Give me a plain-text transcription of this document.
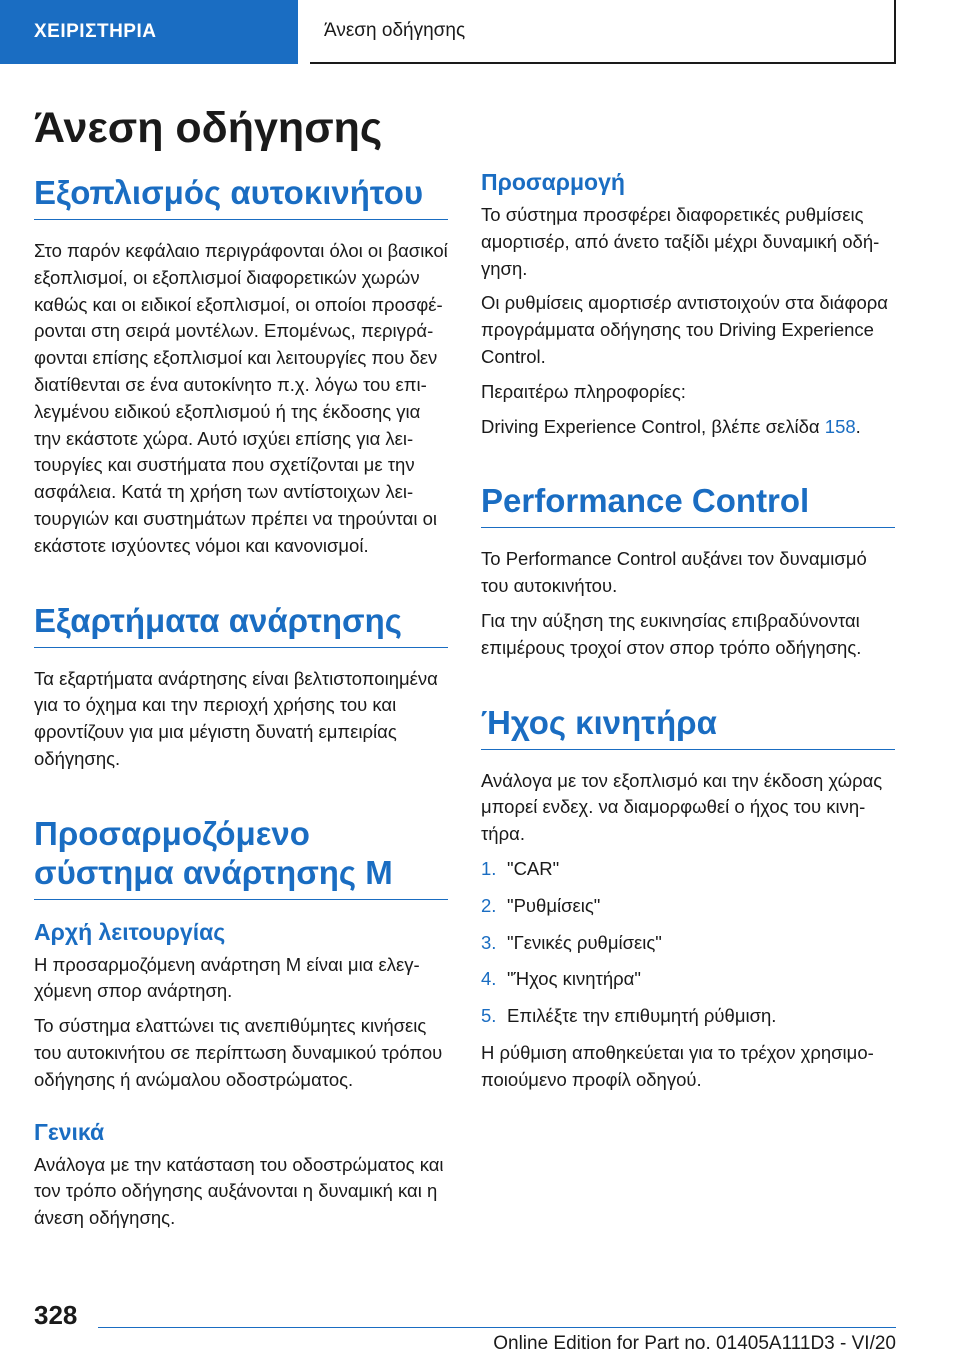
ΧΕΙΡΙΣΤΗΡΙΑ	Άνεση οδήγησης
Άνεση οδήγησης
Εξοπλισμός αυτοκινήτου

Στο παρόν κεφάλαιο περιγράφονται όλοι οι βασικοί εξοπλισμοί, οι εξοπλισμοί διαφορετικών χωρών καθώς και οι ειδικοί εξοπλισμοί, οι οποίοι προσφέρονται στη σειρά μοντέλων. Επομένως, περιγράφονται επίσης εξοπλισμοί και λειτουργίες που δεν διατίθενται σε ένα αυτοκίνητο π.χ. λόγω του επιλεγμένου ειδικού εξοπλισμού ή της έκδοσης για την εκάστοτε χώρα. Αυτό ισχύει επίσης για λειτουργίες και συστήματα που σχετίζονται με την ασφάλεια. Κατά τη χρήση των αντίστοιχων λειτουργιών και συστημάτων πρέπει να τηρούνται οι εκάστοτε ισχύοντες νόμοι και κανονισμοί.

Εξαρτήματα ανάρτησης

Τα εξαρτήματα ανάρτησης είναι βελτιστοποιημένα για το όχημα και την περιοχή χρήσης του και φροντίζουν για μια μέγιστη δυνατή εμπειρίας οδήγησης.

Προσαρμοζόμενο σύστημα ανάρτησης M
Αρχή λειτουργίας

Η προσαρμοζόμενη ανάρτηση M είναι μια ελεγχόμενη σπορ ανάρτηση.

Το σύστημα ελαττώνει τις ανεπιθύμητες κινήσεις του αυτοκινήτου σε περίπτωση δυναμικού τρόπου οδήγησης ή ανώμαλου οδοστρώματος.

Γενικά

Ανάλογα με την κατάσταση του οδοστρώματος και τον τρόπο οδήγησης αυξάνονται η δυναμική και η άνεση οδήγησης.

Προσαρμογή

Το σύστημα προσφέρει διαφορετικές ρυθμίσεις αμορτισέρ, από άνετο ταξίδι μέχρι δυναμική οδήγηση.

Οι ρυθμίσεις αμορτισέρ αντιστοιχούν στα διάφορα προγράμματα οδήγησης του Driving Experience Control.

Περαιτέρω πληροφορίες:

Driving Experience Control, βλέπε σελίδα 158.

Performance Control

Το Performance Control αυξάνει τον δυναμισμό του αυτοκινήτου.

Για την αύξηση της ευκινησίας επιβραδύνονται επιμέρους τροχοί στον σπορ τρόπο οδήγησης.

Ήχος κινητήρα

Ανάλογα με τον εξοπλισμό και την έκδοση χώρας μπορεί ενδεχ. να διαμορφωθεί ο ήχος του κινητήρα.

1. "CAR"
2. "Ρυθμίσεις"
3. "Γενικές ρυθμίσεις"
4. "Ήχος κινητήρα"
5. Επιλέξτε την επιθυμητή ρύθμιση.

Η ρύθμιση αποθηκεύεται για το τρέχον χρησιμοποιούμενο προφίλ οδηγού.

328
Online Edition for Part no. 01405A111D3 - VI/20
